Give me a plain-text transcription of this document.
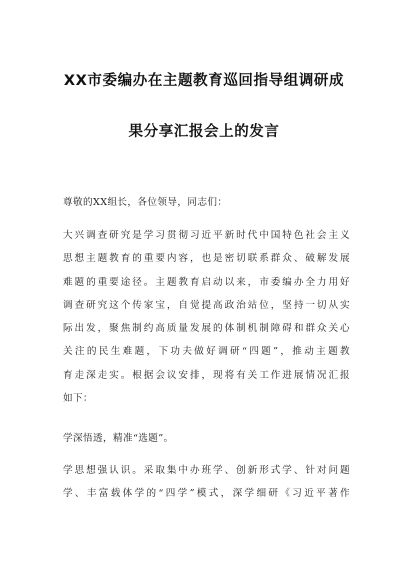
XX市委编办在主题教育巡回指导组调研成
果分享汇报会上的发言
尊敬的XX组长，各位领导，同志们：
大兴调查研究是学习贯彻习近平新时代中国特色社会主义
思想主题教育的重要内容，也是密切联系群众、破解发展
难题的重要途径。主题教育启动以来，市委编办全力用好
调查研究这个传家宝，自觉提高政治站位，坚持一切从实
际出发，聚焦制约高质量发展的体制机制障碍和群众关心
关注的民生难题，下功夫做好调研“四题”，推动主题教
育走深走实。根据会议安排，现将有关工作进展情况汇报
如下：
学深悟透，精准“选题”。
学思想强认识。采取集中办班学、创新形式学、针对问题
学、丰富载体学的“四学”模式，深学细研《习近平著作
